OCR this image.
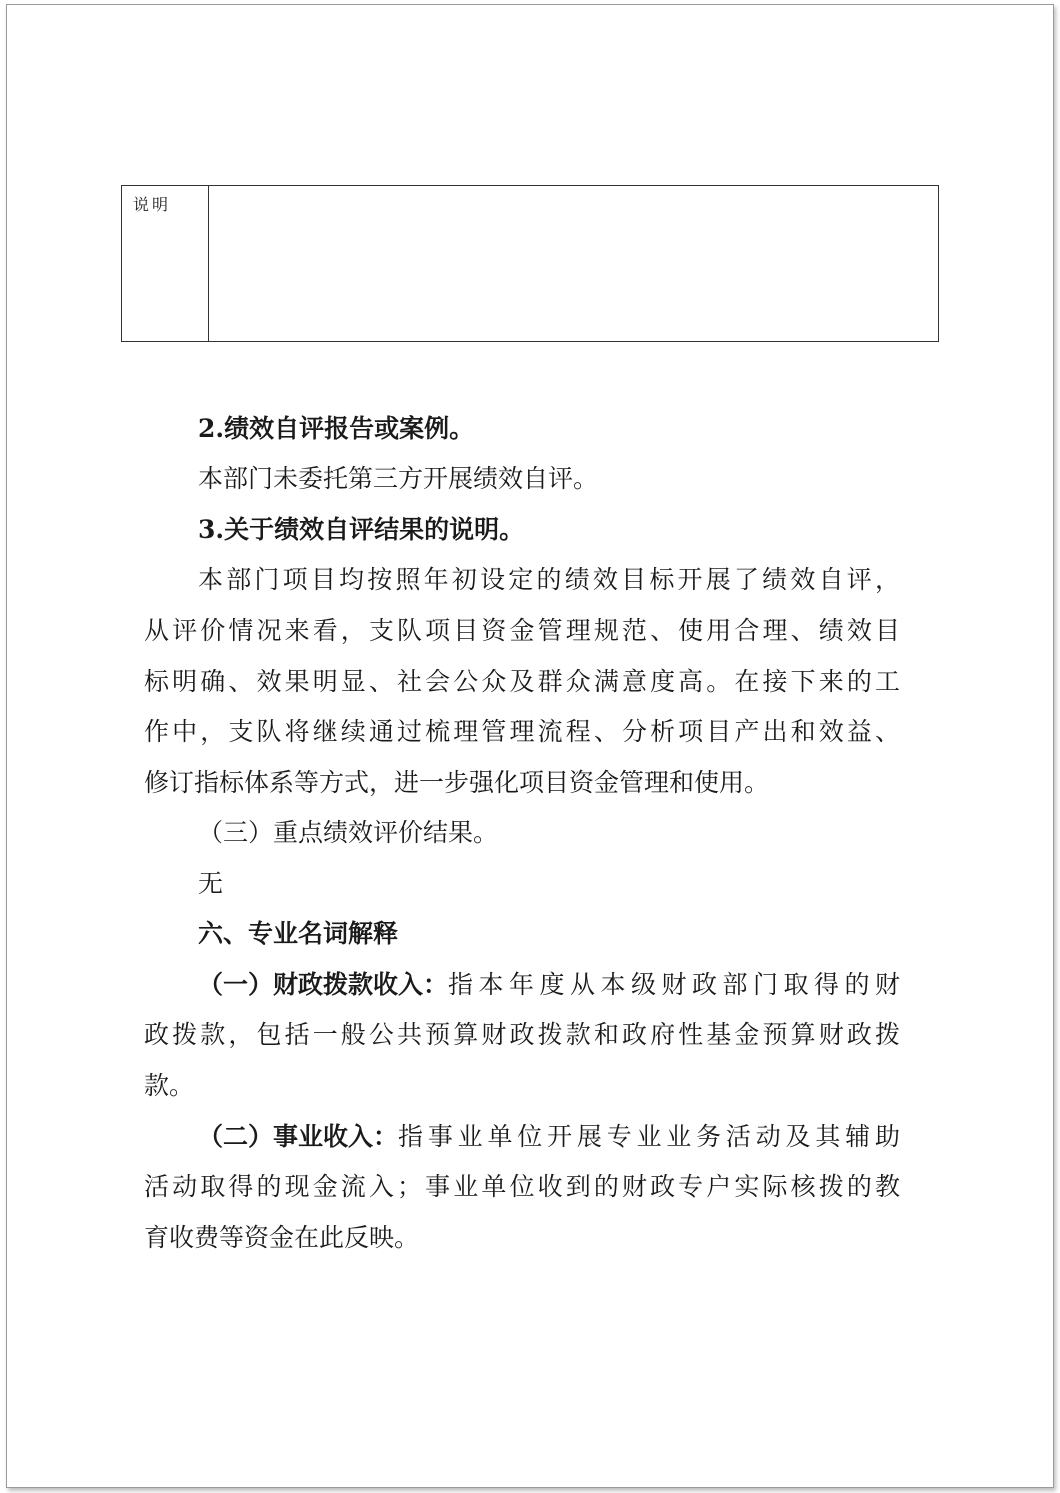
说明
2.绩效自评报告或案例。
本部门未委托第三方开展绩效自评。
3.关于绩效自评结果的说明。
本部门项目均按照年初设定的绩效目标开展了绩效自评，
从评价情况来看，支队项目资金管理规范、使用合理、绩效目
标明确、效果明显、社会公众及群众满意度高。在接下来的工
作中，支队将继续通过梳理管理流程、分析项目产出和效益、
修订指标体系等方式，进一步强化项目资金管理和使用。
（三）重点绩效评价结果。
无
六、专业名词解释
（一）财政拨款收入： 指本年度从本级财政部门取得的财
政拨款，包括一般公共预算财政拨款和政府性基金预算财政拨
款。
（二）事业收入： 指事业单位开展专业业务活动及其辅助
活动取得的现金流入；事业单位收到的财政专户实际核拨的教
育收费等资金在此反映。
